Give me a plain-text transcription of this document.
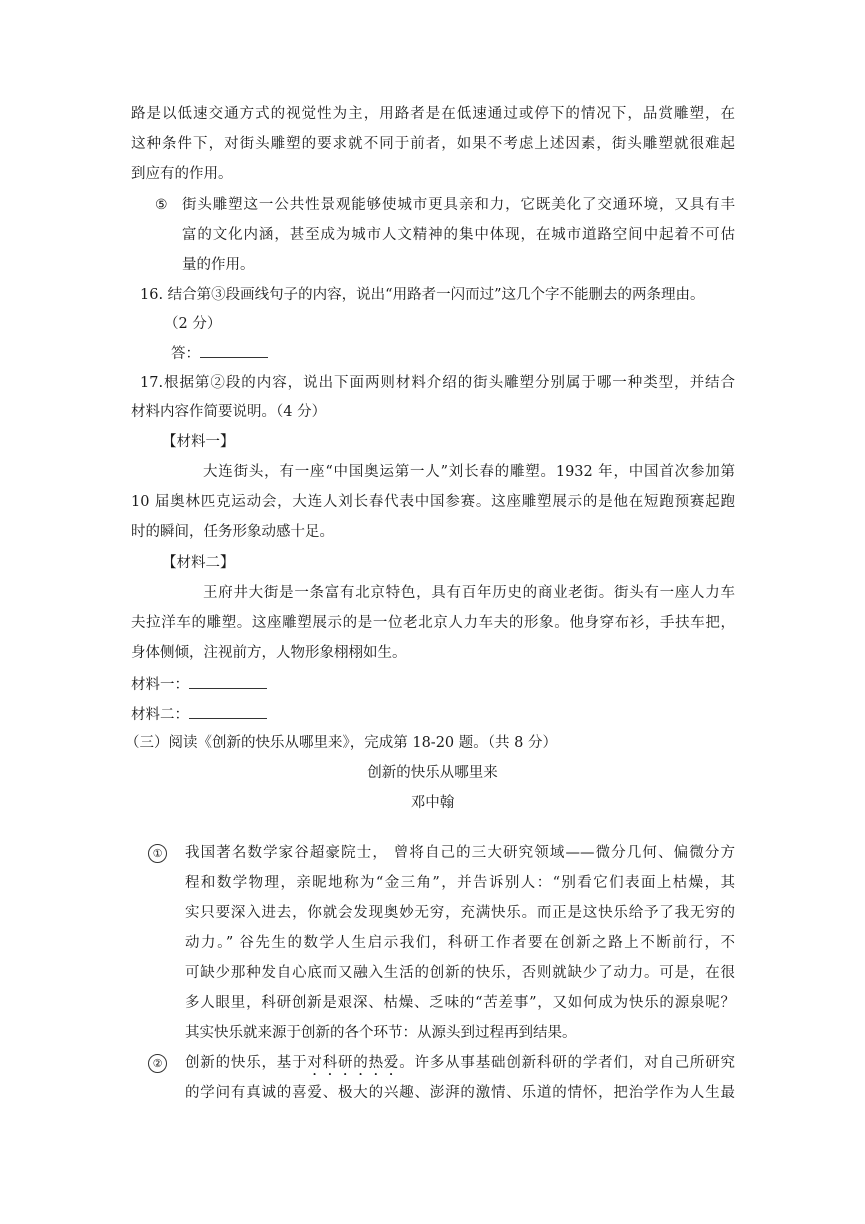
路是以低速交通方式的视觉性为主，用路者是在低速通过或停下的情况下，品赏雕塑，在
这种条件下，对街头雕塑的要求就不同于前者，如果不考虑上述因素，街头雕塑就很难起
到应有的作用。
⑤ 街头雕塑这一公共性景观能够使城市更具亲和力，它既美化了交通环境，又具有丰
富的文化内涵，甚至成为城市人文精神的集中体现，在城市道路空间中起着不可估
量的作用。
16. 结合第③段画线句子的内容，说出“用路者一闪而过”这几个字不能删去的两条理由。
（2 分）
答：
17.根据第②段的内容，说出下面两则材料介绍的街头雕塑分别属于哪一种类型，并结合
材料内容作简要说明。（4 分）
【材料一】
大连街头，有一座“中国奥运第一人”刘长春的雕塑。1932 年，中国首次参加第
10 届奥林匹克运动会，大连人刘长春代表中国参赛。这座雕塑展示的是他在短跑预赛起跑
时的瞬间，任务形象动感十足。
【材料二】
王府井大街是一条富有北京特色，具有百年历史的商业老街。街头有一座人力车
夫拉洋车的雕塑。这座雕塑展示的是一位老北京人力车夫的形象。他身穿布衫，手扶车把，
身体侧倾，注视前方，人物形象栩栩如生。
材料一：
材料二：
（三）阅读《创新的快乐从哪里来》，完成第 18-20 题。（共 8 分）
创新的快乐从哪里来
邓中翰
①	我国著名数学家谷超豪院士， 曾将自己的三大研究领域——微分几何、偏微分方
程和数学物理，亲昵地称为“金三角”，并告诉别人：“别看它们表面上枯燥，其
实只要深入进去，你就会发现奥妙无穷，充满快乐。而正是这快乐给予了我无穷的
动力。” 谷先生的数学人生启示我们，科研工作者要在创新之路上不断前行，不
可缺少那种发自心底而又融入生活的创新的快乐，否则就缺少了动力。可是，在很
多人眼里，科研创新是艰深、枯燥、乏味的“苦差事”，又如何成为快乐的源泉呢？
其实快乐就来源于创新的各个环节：从源头到过程再到结果。
②	创新的快乐，基于对科研的热爱。许多从事基础创新科研的学者们，对自己所研究
的学问有真诚的喜爱、极大的兴趣、澎湃的激情、乐道的情怀，把治学作为人生最
